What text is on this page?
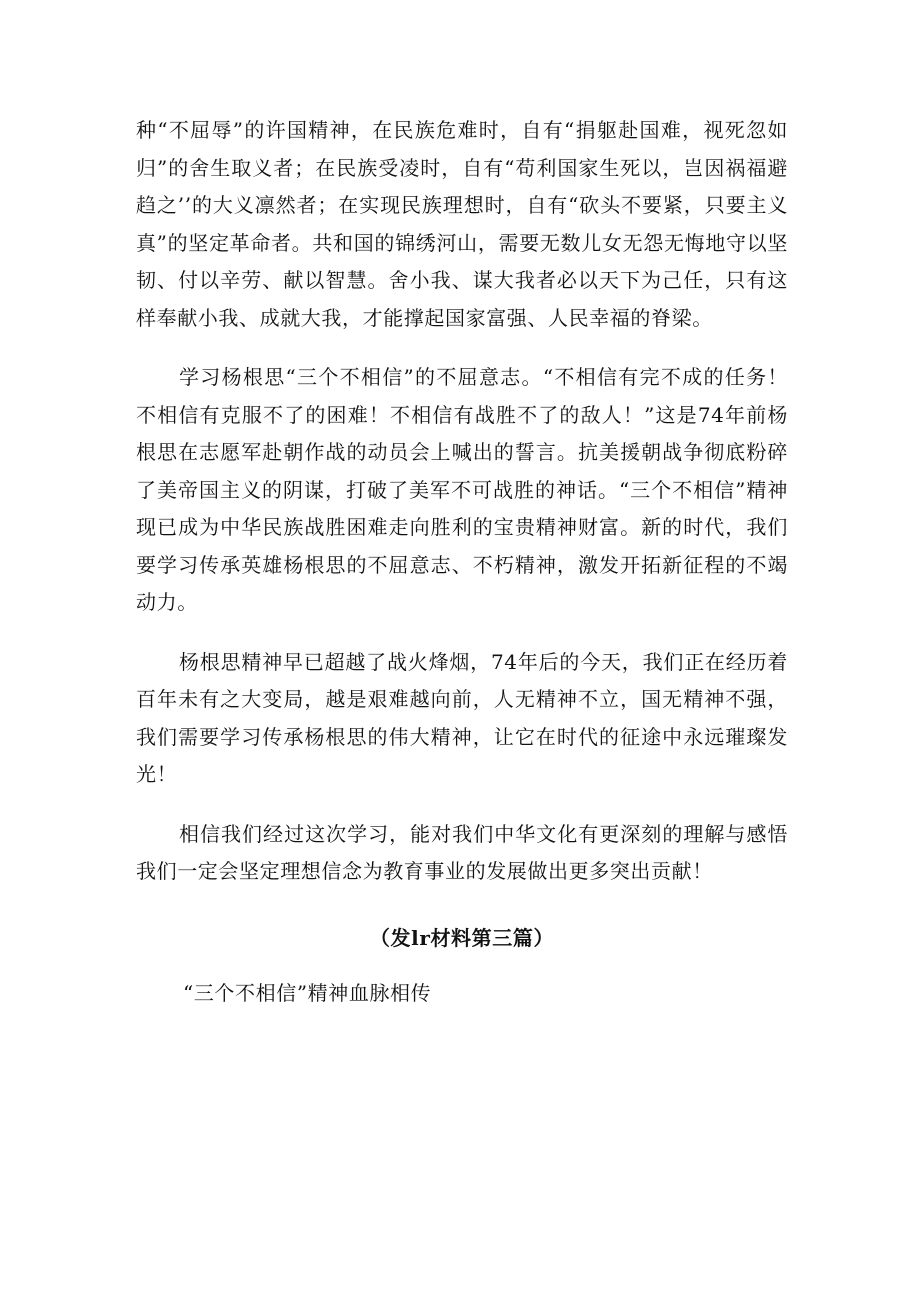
种“不屈辱”的许国精神，在民族危难时，自有“捐躯赴国难，视死忽如归”的舍生取义者；在民族受凌时，自有“苟利国家生死以，岂因祸福避趋之’’的大义凛然者；在实现民族理想时，自有“砍头不要紧，只要主义真”的坚定革命者。共和国的锦绣河山，需要无数儿女无怨无悔地守以坚韧、付以辛劳、献以智慧。舍小我、谋大我者必以天下为己任，只有这样奉献小我、成就大我，才能撑起国家富强、人民幸福的脊梁。

学习杨根思“三个不相信”的不屈意志。“不相信有完不成的任务！不相信有克服不了的困难！不相信有战胜不了的敌人！”这是74年前杨根思在志愿军赴朝作战的动员会上喊出的誓言。抗美援朝战争彻底粉碎了美帝国主义的阴谋，打破了美军不可战胜的神话。“三个不相信”精神现已成为中华民族战胜困难走向胜利的宝贵精神财富。新的时代，我们要学习传承英雄杨根思的不屈意志、不朽精神，激发开拓新征程的不竭动力。

杨根思精神早已超越了战火烽烟，74年后的今天，我们正在经历着百年未有之大变局，越是艰难越向前，人无精神不立，国无精神不强，我们需要学习传承杨根思的伟大精神，让它在时代的征途中永远璀璨发光！

相信我们经过这次学习，能对我们中华文化有更深刻的理解与感悟我们一定会坚定理想信念为教育事业的发展做出更多突出贡献！

（发lr材料第三篇）

“三个不相信”精神血脉相传
